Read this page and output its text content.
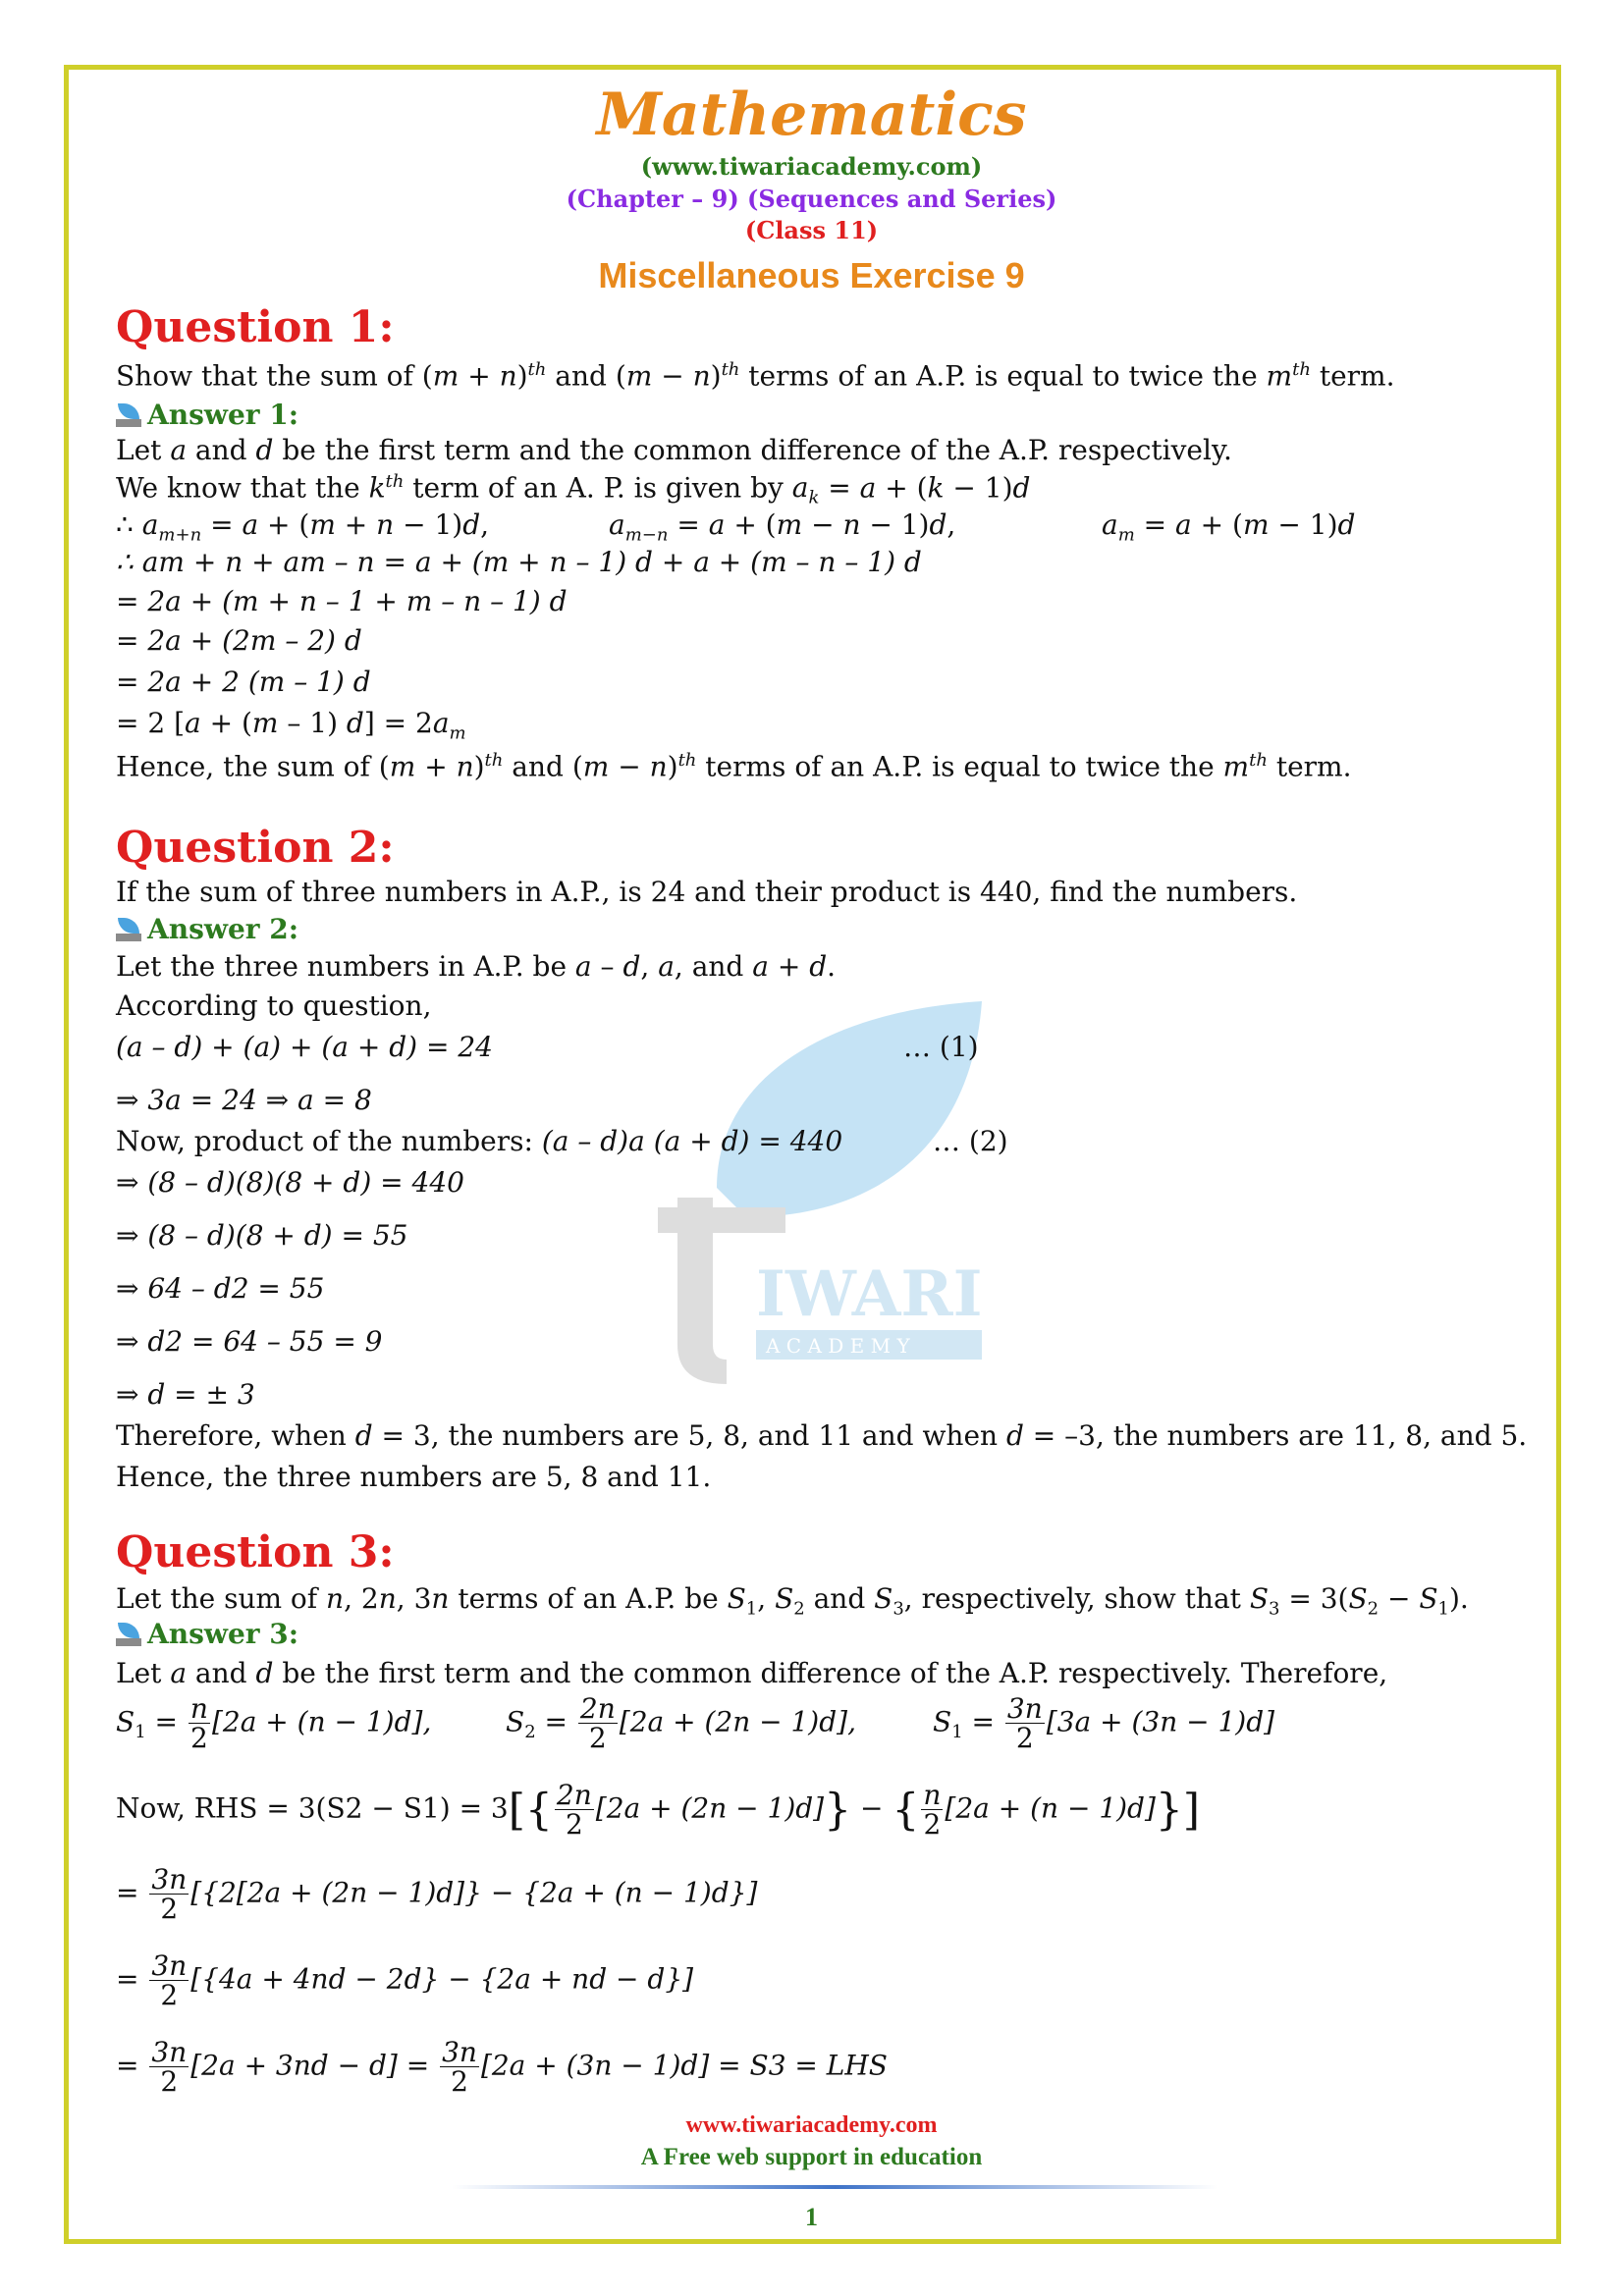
Mathematics
(www.tiwariacademy.com)
(Chapter – 9) (Sequences and Series)
(Class 11)
Miscellaneous Exercise 9
IWARI
A C A D E M Y
Question 1:
Show that the sum of $(m + n)^{th}$ and $(m - n)^{th}$ terms of an A.P. is equal to twice the $m^{th}$ term.
Answer 1:
Let a and d be the first term and the common difference of the A.P. respectively.
We know that the $k^{th}$ term of an A. P. is given by $a_k = a + (k - 1)d$
∴ $a_{m+n} = a + (m + n - 1)d$,	$a_{m-n} = a + (m - n - 1)d$,	$a_m = a + (m - 1)d$
∴ am + n + am – n = a + (m + n – 1) d + a + (m – n – 1) d
= 2a + (m + n – 1 + m – n – 1) d
= 2a + (2m – 2) d
= 2a + 2 (m – 1) d
= 2 [a + (m – 1) $d] = 2a_m$
Hence, the sum of $(m + n)^{th}$ and $(m - n)^{th}$ terms of an A.P. is equal to twice the $m^{th}$ term.
Question 2:
If the sum of three numbers in A.P., is 24 and their product is 440, find the numbers.
Answer 2:
Let the three numbers in A.P. be a – d, a, and a + d.
According to question,
(a – d) + (a) + (a + d) = 24	… (1)
⇒ 3a = 24 ⇒ a = 8
Now, product of the numbers: (a – d)a (a + d) = 440	… (2)
⇒ (8 – d)(8)(8 + d) = 440
⇒ (8 – d)(8 + d) = 55
⇒ 64 – d2 = 55
⇒ d2 = 64 – 55 = 9
⇒ d = ± 3
Therefore, when d = 3, the numbers are 5, 8, and 11 and when d = –3, the numbers are 11, 8, and 5.
Hence, the three numbers are 5, 8 and 11.
Question 3:
Let the sum of n, 2n, 3n terms of an A.P. be $S_1$, $S_2$ and $S_3$, respectively, show that $S_3 = 3(S_2 - S_1)$.
Answer 3:
Let a and d be the first term and the common difference of the A.P. respectively. Therefore,
$S_1 = \frac{n}{2} [2a + (n - 1)d]$,	$S_2 = \frac{2n}{2} [2a + (2n - 1)d]$,	$S_1 = \frac{3n}{2} [3a + (3n - 1)d]$
Now, RHS = $3(S2 - S1) = 3[\{ \frac{2n}{2} [2a + (2n - 1)d]\}$ − { $\frac{n}{2} [2a + (n - 1)d]$}]
= $\frac{3n}{2} [\{2[2a + (2n - 1)d]\} - \{2a + (n - 1)d\}]$
= $\frac{3n}{2} [\{4a + 4nd - 2d\} - \{2a$ + nd − d}]
= $\frac{3n}{2} [2a + 3nd - d] = \frac{3n}{2} [2a + (3n - 1)d] = S3$ = LHS
www.tiwariacademy.com
A Free web support in education
1
